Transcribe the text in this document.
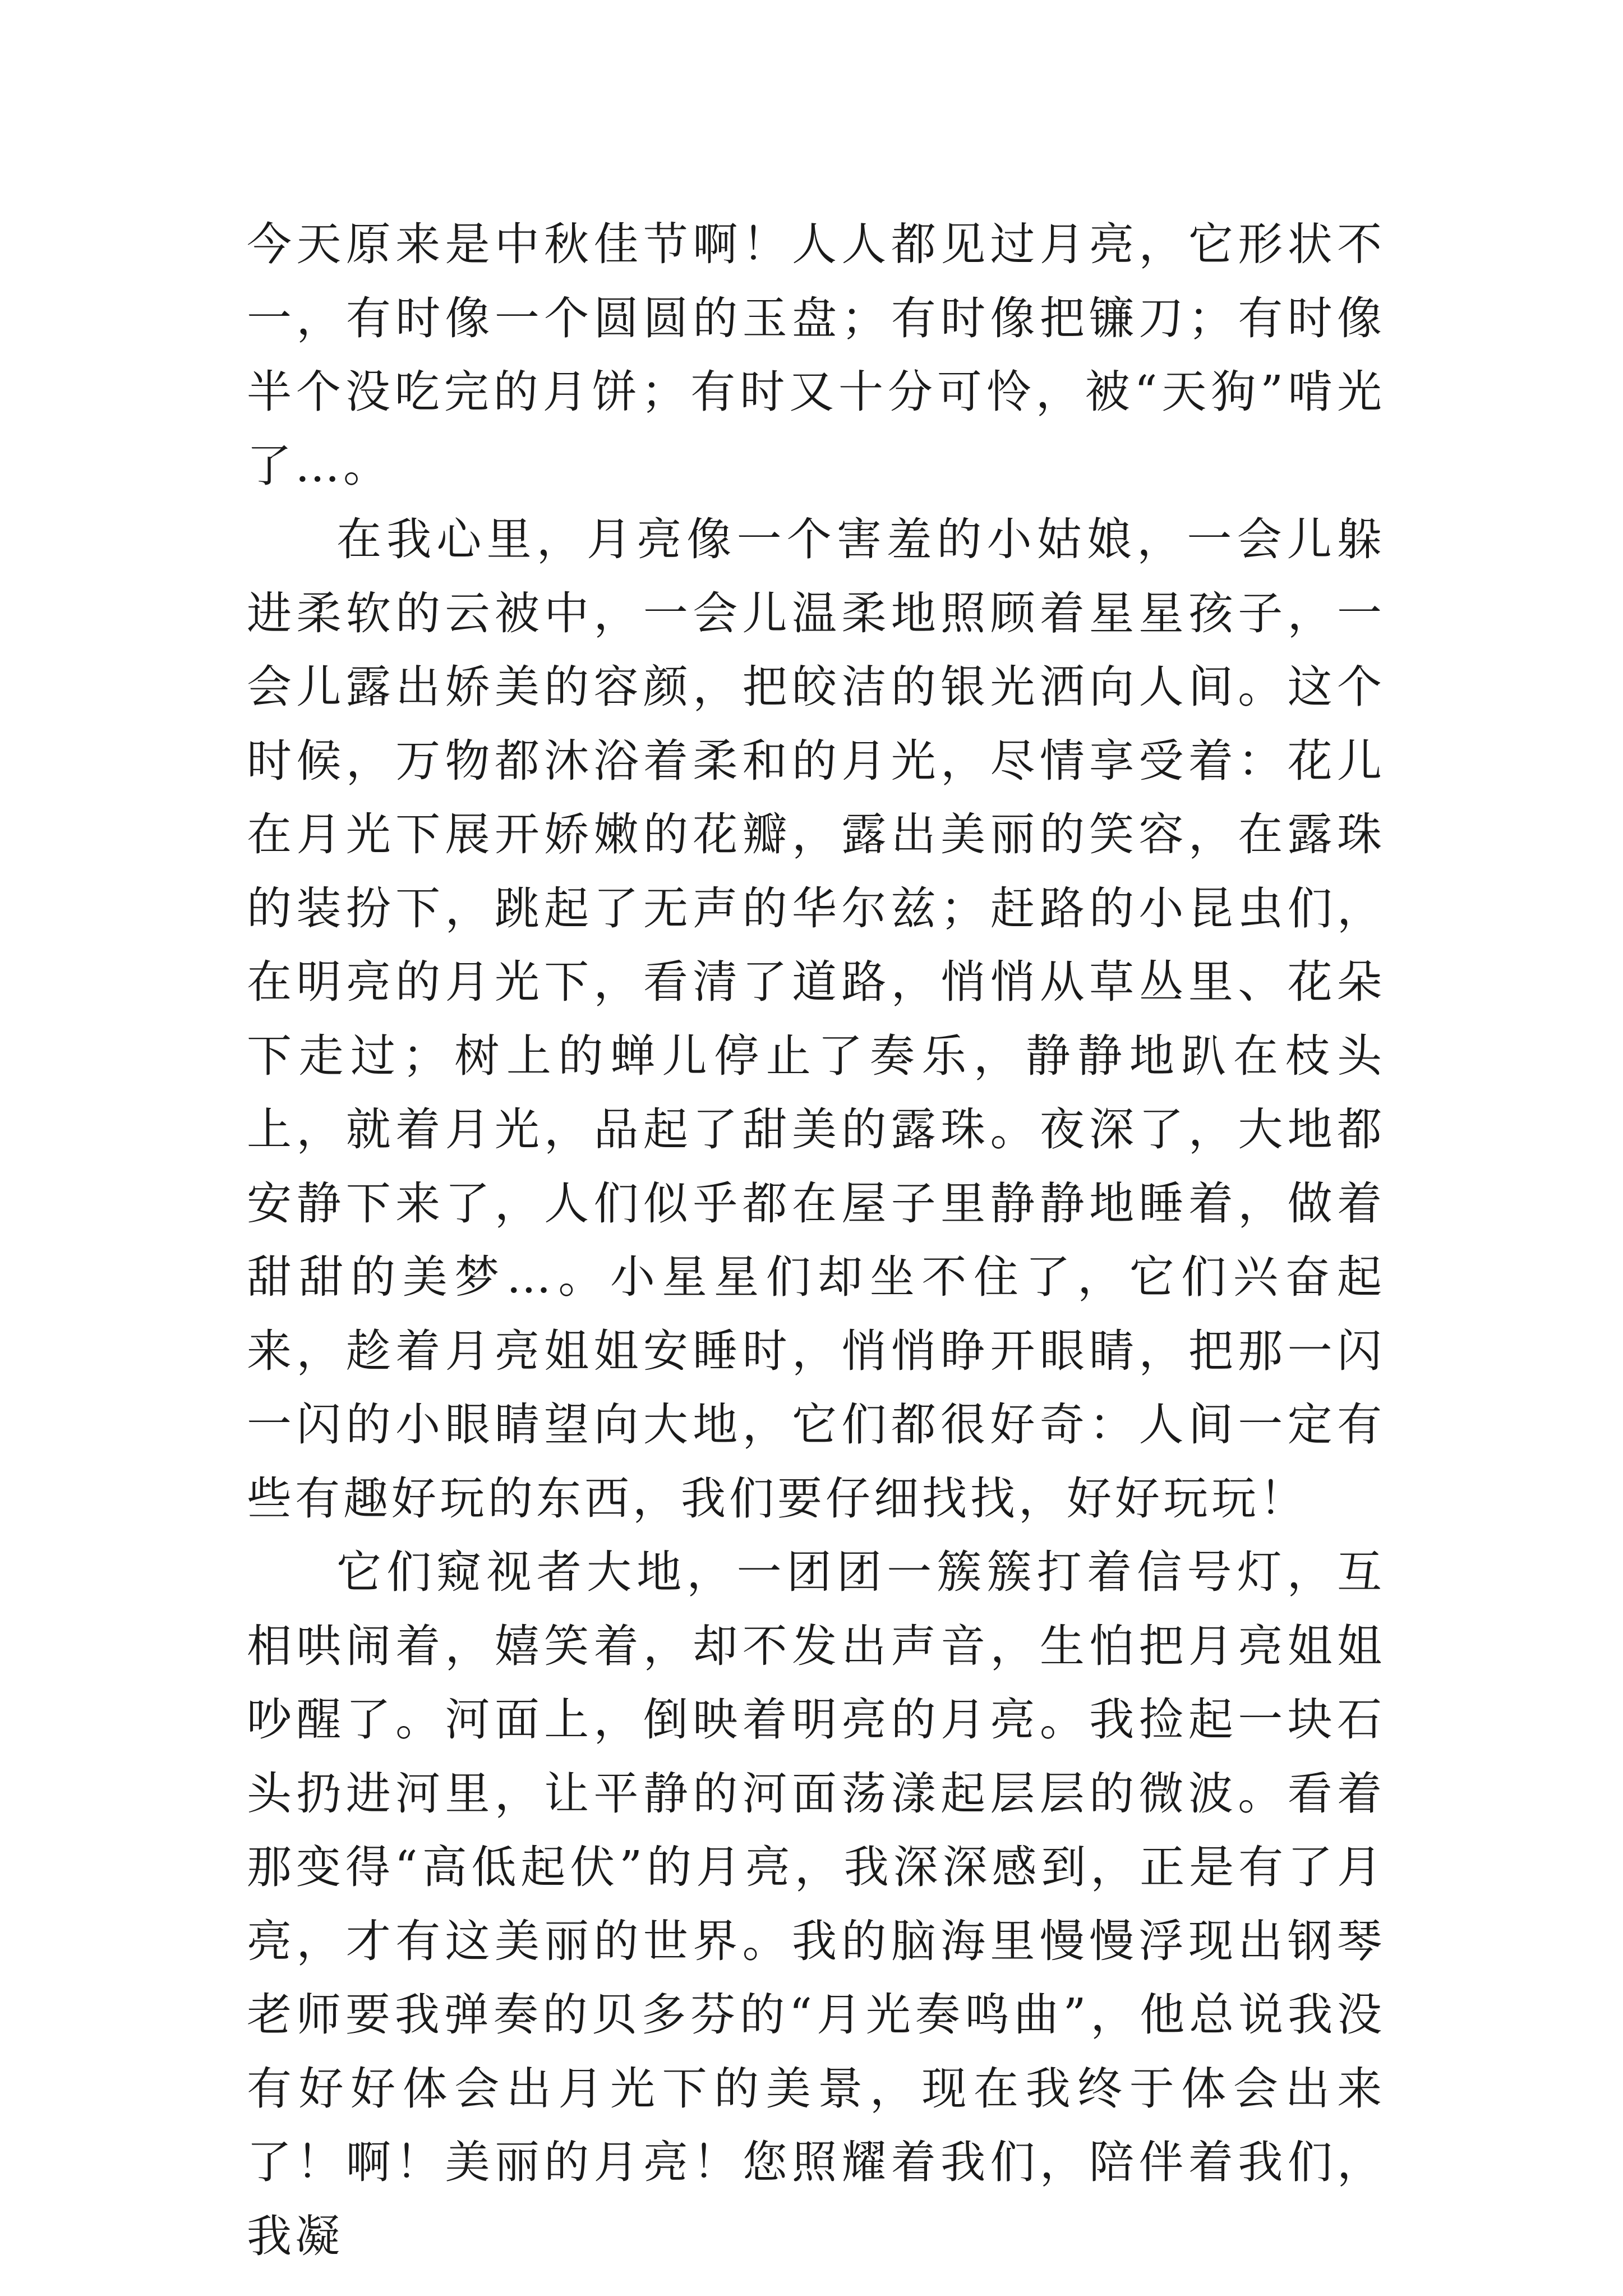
今天原来是中秋佳节啊！人人都见过月亮，它形状不一，有时像一个圆圆的玉盘；有时像把镰刀；有时像半个没吃完的月饼；有时又十分可怜，被“天狗”啃光了…。

在我心里，月亮像一个害羞的小姑娘，一会儿躲进柔软的云被中，一会儿温柔地照顾着星星孩子，一会儿露出娇美的容颜，把皎洁的银光洒向人间。这个时候，万物都沐浴着柔和的月光，尽情享受着：花儿在月光下展开娇嫩的花瓣，露出美丽的笑容，在露珠的装扮下，跳起了无声的华尔兹；赶路的小昆虫们，在明亮的月光下，看清了道路，悄悄从草丛里、花朵下走过；树上的蝉儿停止了奏乐，静静地趴在枝头上，就着月光，品起了甜美的露珠。夜深了，大地都安静下来了，人们似乎都在屋子里静静地睡着，做着甜甜的美梦…。小星星们却坐不住了，它们兴奋起来，趁着月亮姐姐安睡时，悄悄睁开眼睛，把那一闪一闪的小眼睛望向大地，它们都很好奇：人间一定有些有趣好玩的东西，我们要仔细找找，好好玩玩！

它们窥视者大地，一团团一簇簇打着信号灯，互相哄闹着，嬉笑着，却不发出声音，生怕把月亮姐姐吵醒了。河面上，倒映着明亮的月亮。我捡起一块石头扔进河里，让平静的河面荡漾起层层的微波。看着那变得“高低起伏”的月亮，我深深感到，正是有了月亮，才有这美丽的世界。我的脑海里慢慢浮现出钢琴老师要我弹奏的贝多芬的“月光奏鸣曲”，他总说我没有好好体会出月光下的美景，现在我终于体会出来了！啊！美丽的月亮！您照耀着我们，陪伴着我们，我凝
